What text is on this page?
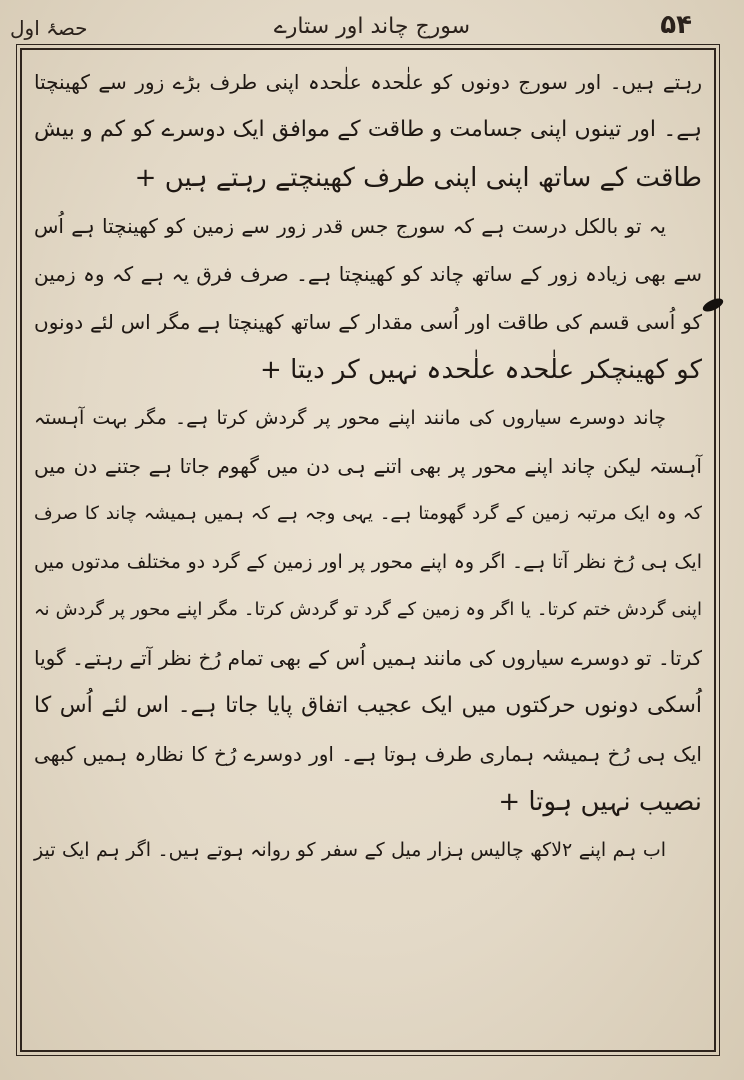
حصۂ اول	سورج چاند اور ستارے	۵۴
رہتے ہیں۔ اور سورج دونوں کو علٰحدہ علٰحدہ اپنی طرف بڑے زور سے کھینچتا
ہے۔ اور تینوں اپنی جسامت و طاقت کے موافق ایک دوسرے کو کم و بیش
طاقت کے ساتھ اپنی اپنی طرف کھینچتے رہتے ہیں +
یہ تو بالکل درست ہے کہ سورج جس قدر زور سے زمین کو کھینچتا ہے اُس
سے بھی زیادہ زور کے ساتھ چاند کو کھینچتا ہے۔ صرف فرق یہ ہے کہ وہ زمین
کو اُسی قسم کی طاقت اور اُسی مقدار کے ساتھ کھینچتا ہے مگر اس لئے دونوں
کو کھینچکر علٰحدہ علٰحدہ نہیں کر دیتا +
چاند دوسرے سیاروں کی مانند اپنے محور پر گردش کرتا ہے۔ مگر بہت آہستہ
آہستہ لیکن چاند اپنے محور پر بھی اتنے ہی دن میں گھوم جاتا ہے جتنے دن میں
کہ وہ ایک مرتبہ زمین کے گرد گھومتا ہے۔ یہی وجہ ہے کہ ہمیں ہمیشہ چاند کا صرف
ایک ہی رُخ نظر آتا ہے۔ اگر وہ اپنے محور پر اور زمین کے گرد دو مختلف مدتوں میں
اپنی گردش ختم کرتا۔ یا اگر وہ زمین کے گرد تو گردش کرتا۔ مگر اپنے محور پر گردش نہ
کرتا۔ تو دوسرے سیاروں کی مانند ہمیں اُس کے بھی تمام رُخ نظر آتے رہتے۔ گویا
اُسکی دونوں حرکتوں میں ایک عجیب اتفاق پایا جاتا ہے۔ اس لئے اُس کا
ایک ہی رُخ ہمیشہ ہماری طرف ہوتا ہے۔ اور دوسرے رُخ کا نظارہ ہمیں کبھی
نصیب نہیں ہوتا +
اب ہم اپنے ۲لاکھ چالیس ہزار میل کے سفر کو روانہ ہوتے ہیں۔ اگر ہم ایک تیز
